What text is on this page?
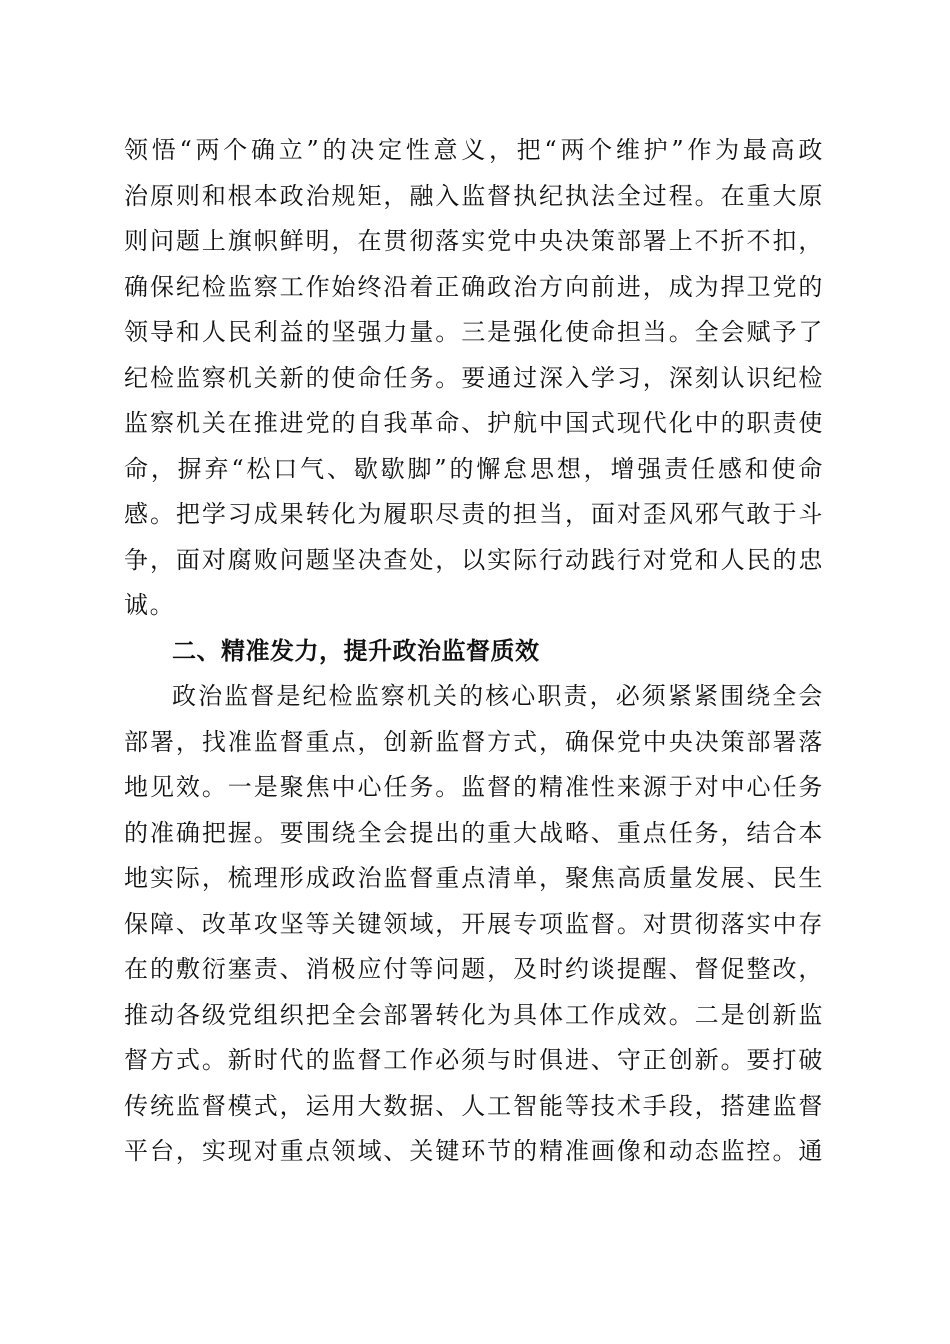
领悟“两个确立”的决定性意义，把“两个维护”作为最高政
治原则和根本政治规矩，融入监督执纪执法全过程。在重大原
则问题上旗帜鲜明，在贯彻落实党中央决策部署上不折不扣，
确保纪检监察工作始终沿着正确政治方向前进，成为捍卫党的
领导和人民利益的坚强力量。三是强化使命担当。全会赋予了
纪检监察机关新的使命任务。要通过深入学习，深刻认识纪检
监察机关在推进党的自我革命、护航中国式现代化中的职责使
命，摒弃“松口气、歇歇脚”的懈怠思想，增强责任感和使命
感。把学习成果转化为履职尽责的担当，面对歪风邪气敢于斗
争，面对腐败问题坚决查处，以实际行动践行对党和人民的忠
诚。
二、精准发力，提升政治监督质效
政治监督是纪检监察机关的核心职责，必须紧紧围绕全会
部署，找准监督重点，创新监督方式，确保党中央决策部署落
地见效。一是聚焦中心任务。监督的精准性来源于对中心任务
的准确把握。要围绕全会提出的重大战略、重点任务，结合本
地实际，梳理形成政治监督重点清单，聚焦高质量发展、民生
保障、改革攻坚等关键领域，开展专项监督。对贯彻落实中存
在的敷衍塞责、消极应付等问题，及时约谈提醒、督促整改，
推动各级党组织把全会部署转化为具体工作成效。二是创新监
督方式。新时代的监督工作必须与时俱进、守正创新。要打破
传统监督模式，运用大数据、人工智能等技术手段，搭建监督
平台，实现对重点领域、关键环节的精准画像和动态监控。通
